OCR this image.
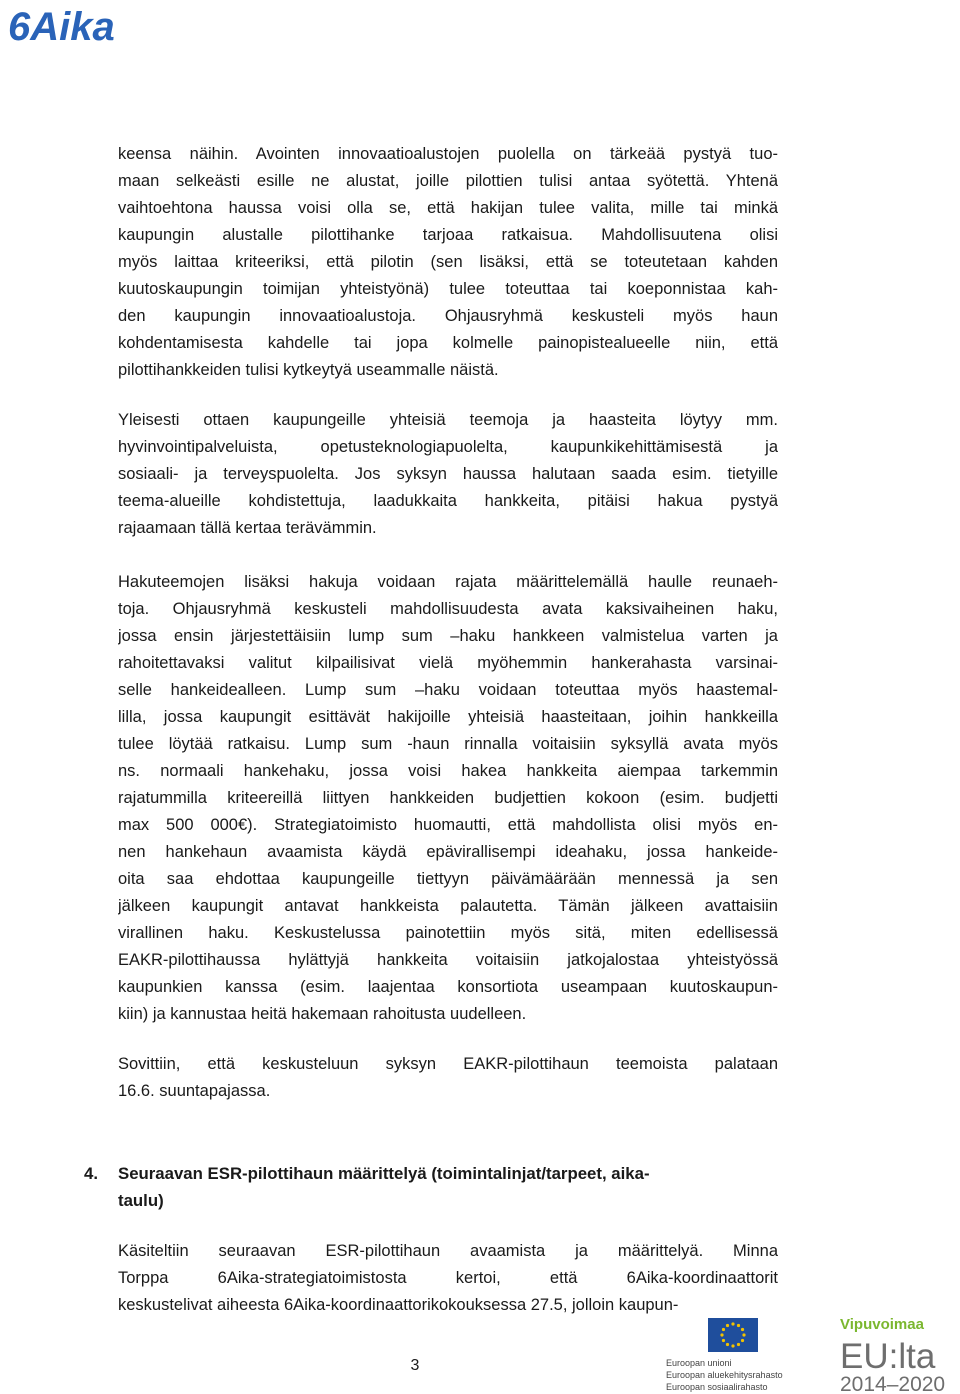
6Aika
keensa näihin. Avointen innovaatioalustojen puolella on tärkeää pystyä tuo-
maan selkeästi esille ne alustat, joille pilottien tulisi antaa syötettä. Yhtenä
vaihtoehtona haussa voisi olla se, että hakijan tulee valita, mille tai minkä
kaupungin alustalle pilottihanke tarjoaa ratkaisua. Mahdollisuutena olisi
myös laittaa kriteeriksi, että pilotin (sen lisäksi, että se toteutetaan kahden
kuutoskaupungin toimijan yhteistyönä) tulee toteuttaa tai koeponnistaa kah-
den kaupungin innovaatioalustoja. Ohjausryhmä keskusteli myös haun
kohdentamisesta kahdelle tai jopa kolmelle painopistealueelle niin, että
pilottihankkeiden tulisi kytkeytyä useammalle näistä.
Yleisesti ottaen kaupungeille yhteisiä teemoja ja haasteita löytyy mm.
hyvinvointipalveluista, opetusteknologiapuolelta, kaupunkikehittämisestä ja
sosiaali- ja terveyspuolelta. Jos syksyn haussa halutaan saada esim. tietyille
teema-alueille kohdistettuja, laadukkaita hankkeita, pitäisi hakua pystyä
rajaamaan tällä kertaa terävämmin.
Hakuteemojen lisäksi hakuja voidaan rajata määrittelemällä haulle reunaeh-
toja. Ohjausryhmä keskusteli mahdollisuudesta avata kaksivaiheinen haku,
jossa ensin järjestettäisiin lump sum –haku hankkeen valmistelua varten ja
rahoitettavaksi valitut kilpailisivat vielä myöhemmin hankerahasta varsinai-
selle hankeidealleen. Lump sum –haku voidaan toteuttaa myös haastemal-
lilla, jossa kaupungit esittävät hakijoille yhteisiä haasteitaan, joihin hankkeilla
tulee löytää ratkaisu. Lump sum -haun rinnalla voitaisiin syksyllä avata myös
ns. normaali hankehaku, jossa voisi hakea hankkeita aiempaa tarkemmin
rajatummilla kriteereillä liittyen hankkeiden budjettien kokoon (esim. budjetti
max 500 000€). Strategiatoimisto huomautti, että mahdollista olisi myös en-
nen hankehaun avaamista käydä epävirallisempi ideahaku, jossa hankeide-
oita saa ehdottaa kaupungeille tiettyyn päivämäärään mennessä ja sen
jälkeen kaupungit antavat hankkeista palautetta. Tämän jälkeen avattaisiin
virallinen haku. Keskustelussa painotettiin myös sitä, miten edellisessä
EAKR-pilottihaussa hylättyjä hankkeita voitaisiin jatkojalostaa yhteistyössä
kaupunkien kanssa (esim. laajentaa konsortiota useampaan kuutoskaupun-
kiin) ja kannustaa heitä hakemaan rahoitusta uudelleen.
Sovittiin, että keskusteluun syksyn EAKR-pilottihaun teemoista palataan
16.6. suuntapajassa.
4. Seuraavan ESR-pilottihaun määrittelyä (toimintalinjat/tarpeet, aika-
taulu)
Käsiteltiin seuraavan ESR-pilottihaun avaamista ja määrittelyä. Minna
Torppa 6Aika-strategiatoimistosta kertoi, että 6Aika-koordinaattorit
keskustelivat aiheesta 6Aika-koordinaattorikokouksessa 27.5, jolloin kaupun-
3	Euroopan unioni
Euroopan aluekehitysrahasto
Euroopan sosiaalirahasto
Vipuvoimaa
EU:lta
2014–2020
